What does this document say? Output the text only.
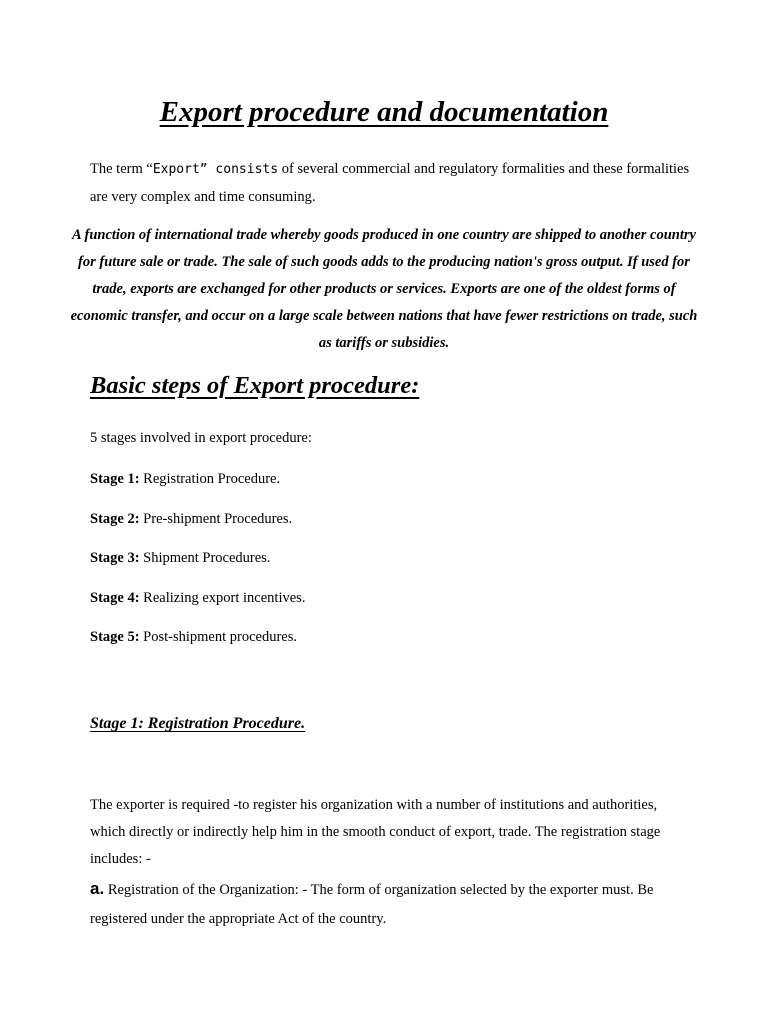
Export procedure and documentation

The term “Export” consists of several commercial and regulatory formalities and these formalities are very complex and time consuming.

A function of international trade whereby goods produced in one country are shipped to another country for future sale or trade. The sale of such goods adds to the producing nation's gross output. If used for trade, exports are exchanged for other products or services. Exports are one of the oldest forms of economic transfer, and occur on a large scale between nations that have fewer restrictions on trade, such as tariffs or subsidies.

Basic steps of Export procedure:

5 stages involved in export procedure:

Stage 1: Registration Procedure.

Stage 2: Pre-shipment Procedures.

Stage 3: Shipment Procedures.

Stage 4: Realizing export incentives.

Stage 5: Post-shipment procedures.

Stage 1: Registration Procedure.

The exporter is required -to register his organization with a number of institutions and authorities, which directly or indirectly help him in the smooth conduct of export, trade. The registration stage includes: -

a. Registration of the Organization: - The form of organization selected by the exporter must. Be registered under the appropriate Act of the country.
